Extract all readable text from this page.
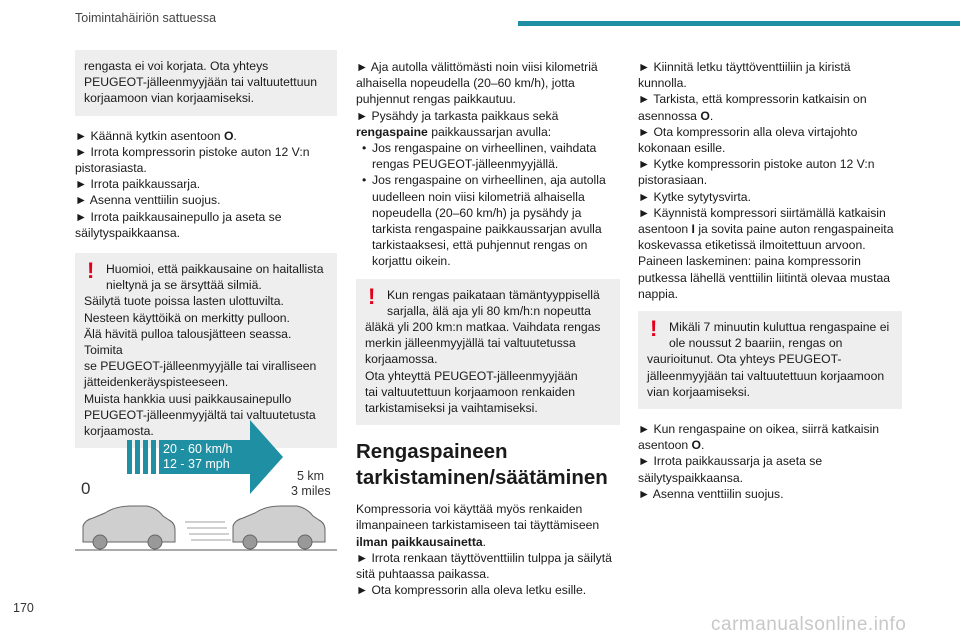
Toimintahäiriön sattuessa

rengasta ei voi korjata. Ota yhteys

PEUGEOT-jälleenmyyjään tai valtuutettuun

korjaamoon vian korjaamiseksi.

► Käännä kytkin asentoon O.

► Irrota kompressorin pistoke auton 12 V:n

pistorasiasta.

► Irrota paikkaussarja.

► Asenna venttiilin suojus.

► Irrota paikkausainepullo ja aseta se

säilytyspaikkaansa.

! Huomioi, että paikkausaine on haitallista

nieltynä ja se ärsyttää silmiä.

Säilytä tuote poissa lasten ulottuvilta.

Nesteen käyttöikä on merkitty pulloon.

Älä hävitä pulloa talousjätteen seassa. Toimita

se PEUGEOT-jälleenmyyjälle tai viralliseen

jätteidenkeräyspisteeseen.

Muista hankkia uusi paikkausainepullo

PEUGEOT-jälleenmyyjältä tai valtuutetusta

korjaamosta.

20 - 60 km/h
12 - 37 mph
5 km
3 miles
0

► Aja autolla välittömästi noin viisi kilometriä

alhaisella nopeudella (20–60 km/h), jotta

puhjennut rengas paikkautuu.

► Pysähdy ja tarkasta paikkaus sekä

rengaspaine paikkaussarjan avulla:

• Jos rengaspaine on virheellinen, vaihdata
rengas PEUGEOT-jälleenmyyjällä.
• Jos rengaspaine on virheellinen, aja autolla
uudelleen noin viisi kilometriä alhaisella
nopeudella (20–60 km/h) ja pysähdy ja
tarkista rengaspaine paikkaussarjan avulla
tarkistaaksesi, että puhjennut rengas on
korjattu oikein.
! Kun rengas paikataan tämäntyyppisellä

sarjalla, älä aja yli 80 km/h:n nopeutta

äläkä yli 200 km:n matkaa. Vaihdata rengas

merkin jälleenmyyjällä tai valtuutetussa

korjaamossa.

Ota yhteyttä PEUGEOT-jälleenmyyjään

tai valtuutettuun korjaamoon renkaiden

tarkistamiseksi ja vaihtamiseksi.

Rengaspaineen
tarkistaminen/säätäminen

Kompressoria voi käyttää myös renkaiden

ilmanpaineen tarkistamiseen tai täyttämiseen

ilman paikkausainetta.

► Irrota renkaan täyttöventtiilin tulppa ja säilytä

sitä puhtaassa paikassa.

► Ota kompressorin alla oleva letku esille.

► Kiinnitä letku täyttöventtiiliin ja kiristä

kunnolla.

► Tarkista, että kompressorin katkaisin on

asennossa O.

► Ota kompressorin alla oleva virtajohto

kokonaan esille.

► Kytke kompressorin pistoke auton 12 V:n

pistorasiaan.

► Kytke sytytysvirta.

► Käynnistä kompressori siirtämällä katkaisin

asentoon I ja sovita paine auton rengaspaineita

koskevassa etiketissä ilmoitettuun arvoon.

Paineen laskeminen: paina kompressorin

putkessa lähellä venttiilin liitintä olevaa mustaa

nappia.

! Mikäli 7 minuutin kuluttua rengaspaine ei

ole noussut 2 baariin, rengas on

vaurioitunut. Ota yhteys PEUGEOT-

jälleenmyyjään tai valtuutettuun korjaamoon

vian korjaamiseksi.

► Kun rengaspaine on oikea, siirrä katkaisin

asentoon O.

► Irrota paikkaussarja ja aseta se

säilytyspaikkaansa.

► Asenna venttiilin suojus.

170
carmanualsonline.info
